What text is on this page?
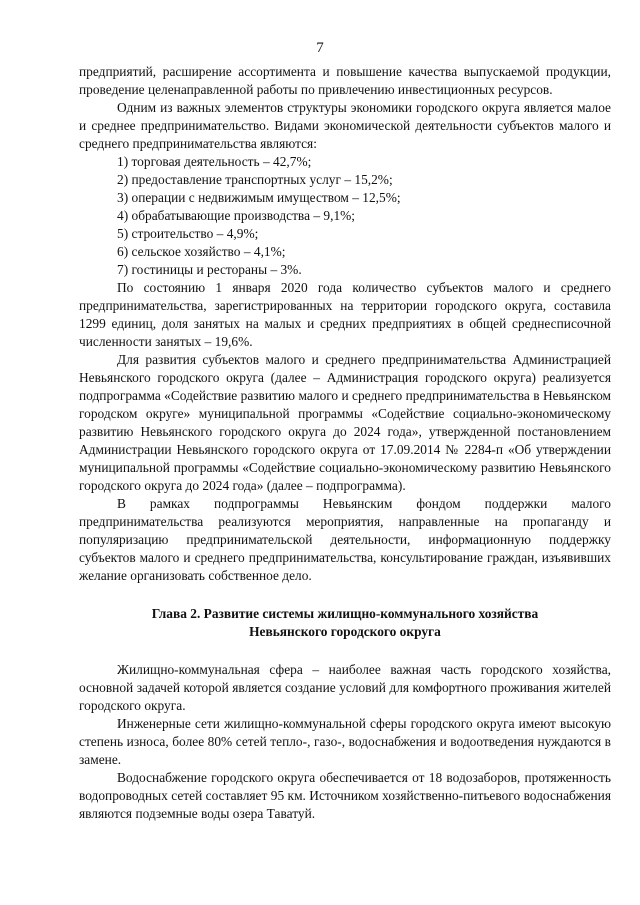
7

предприятий, расширение ассортимента и повышение качества выпускаемой продукции, проведение целенаправленной работы по привлечению инвестиционных ресурсов.

Одним из важных элементов структуры экономики городского округа является малое и среднее предпринимательство. Видами экономической деятельности субъектов малого и среднего предпринимательства являются:

1) торговая деятельность – 42,7%;
2) предоставление транспортных услуг – 15,2%;
3) операции с недвижимым имуществом – 12,5%;
4) обрабатывающие производства – 9,1%;
5) строительство – 4,9%;
6) сельское хозяйство – 4,1%;
7) гостиницы и рестораны – 3%.

По состоянию 1 января 2020 года количество субъектов малого и среднего предпринимательства, зарегистрированных на территории городского округа, составила 1299 единиц, доля занятых на малых и средних предприятиях в общей среднесписочной численности занятых – 19,6%.

Для развития субъектов малого и среднего предпринимательства Администрацией Невьянского городского округа (далее – Администрация городского округа) реализуется подпрограмма «Содействие развитию малого и среднего предпринимательства в Невьянском городском округе» муниципальной программы «Содействие социально-экономическому развитию Невьянского городского округа до 2024 года», утвержденной постановлением Администрации Невьянского городского округа от 17.09.2014 № 2284-п «Об утверждении муниципальной программы «Содействие социально-экономическому развитию Невьянского городского округа до 2024 года» (далее – подпрограмма).

В рамках подпрограммы Невьянским фондом поддержки малого предпринимательства реализуются мероприятия, направленные на пропаганду и популяризацию предпринимательской деятельности, информационную поддержку субъектов малого и среднего предпринимательства, консультирование граждан, изъявивших желание организовать собственное дело.

Глава 2. Развитие системы жилищно-коммунального хозяйства
Невьянского городского округа

Жилищно-коммунальная сфера – наиболее важная часть городского хозяйства, основной задачей которой является создание условий для комфортного проживания жителей городского округа.

Инженерные сети жилищно-коммунальной сферы городского округа имеют высокую степень износа, более 80% сетей тепло-, газо-, водоснабжения и водоотведения нуждаются в замене.

Водоснабжение городского округа обеспечивается от 18 водозаборов, протяженность водопроводных сетей составляет 95 км. Источником хозяйственно-питьевого водоснабжения являются подземные воды озера Таватуй.
